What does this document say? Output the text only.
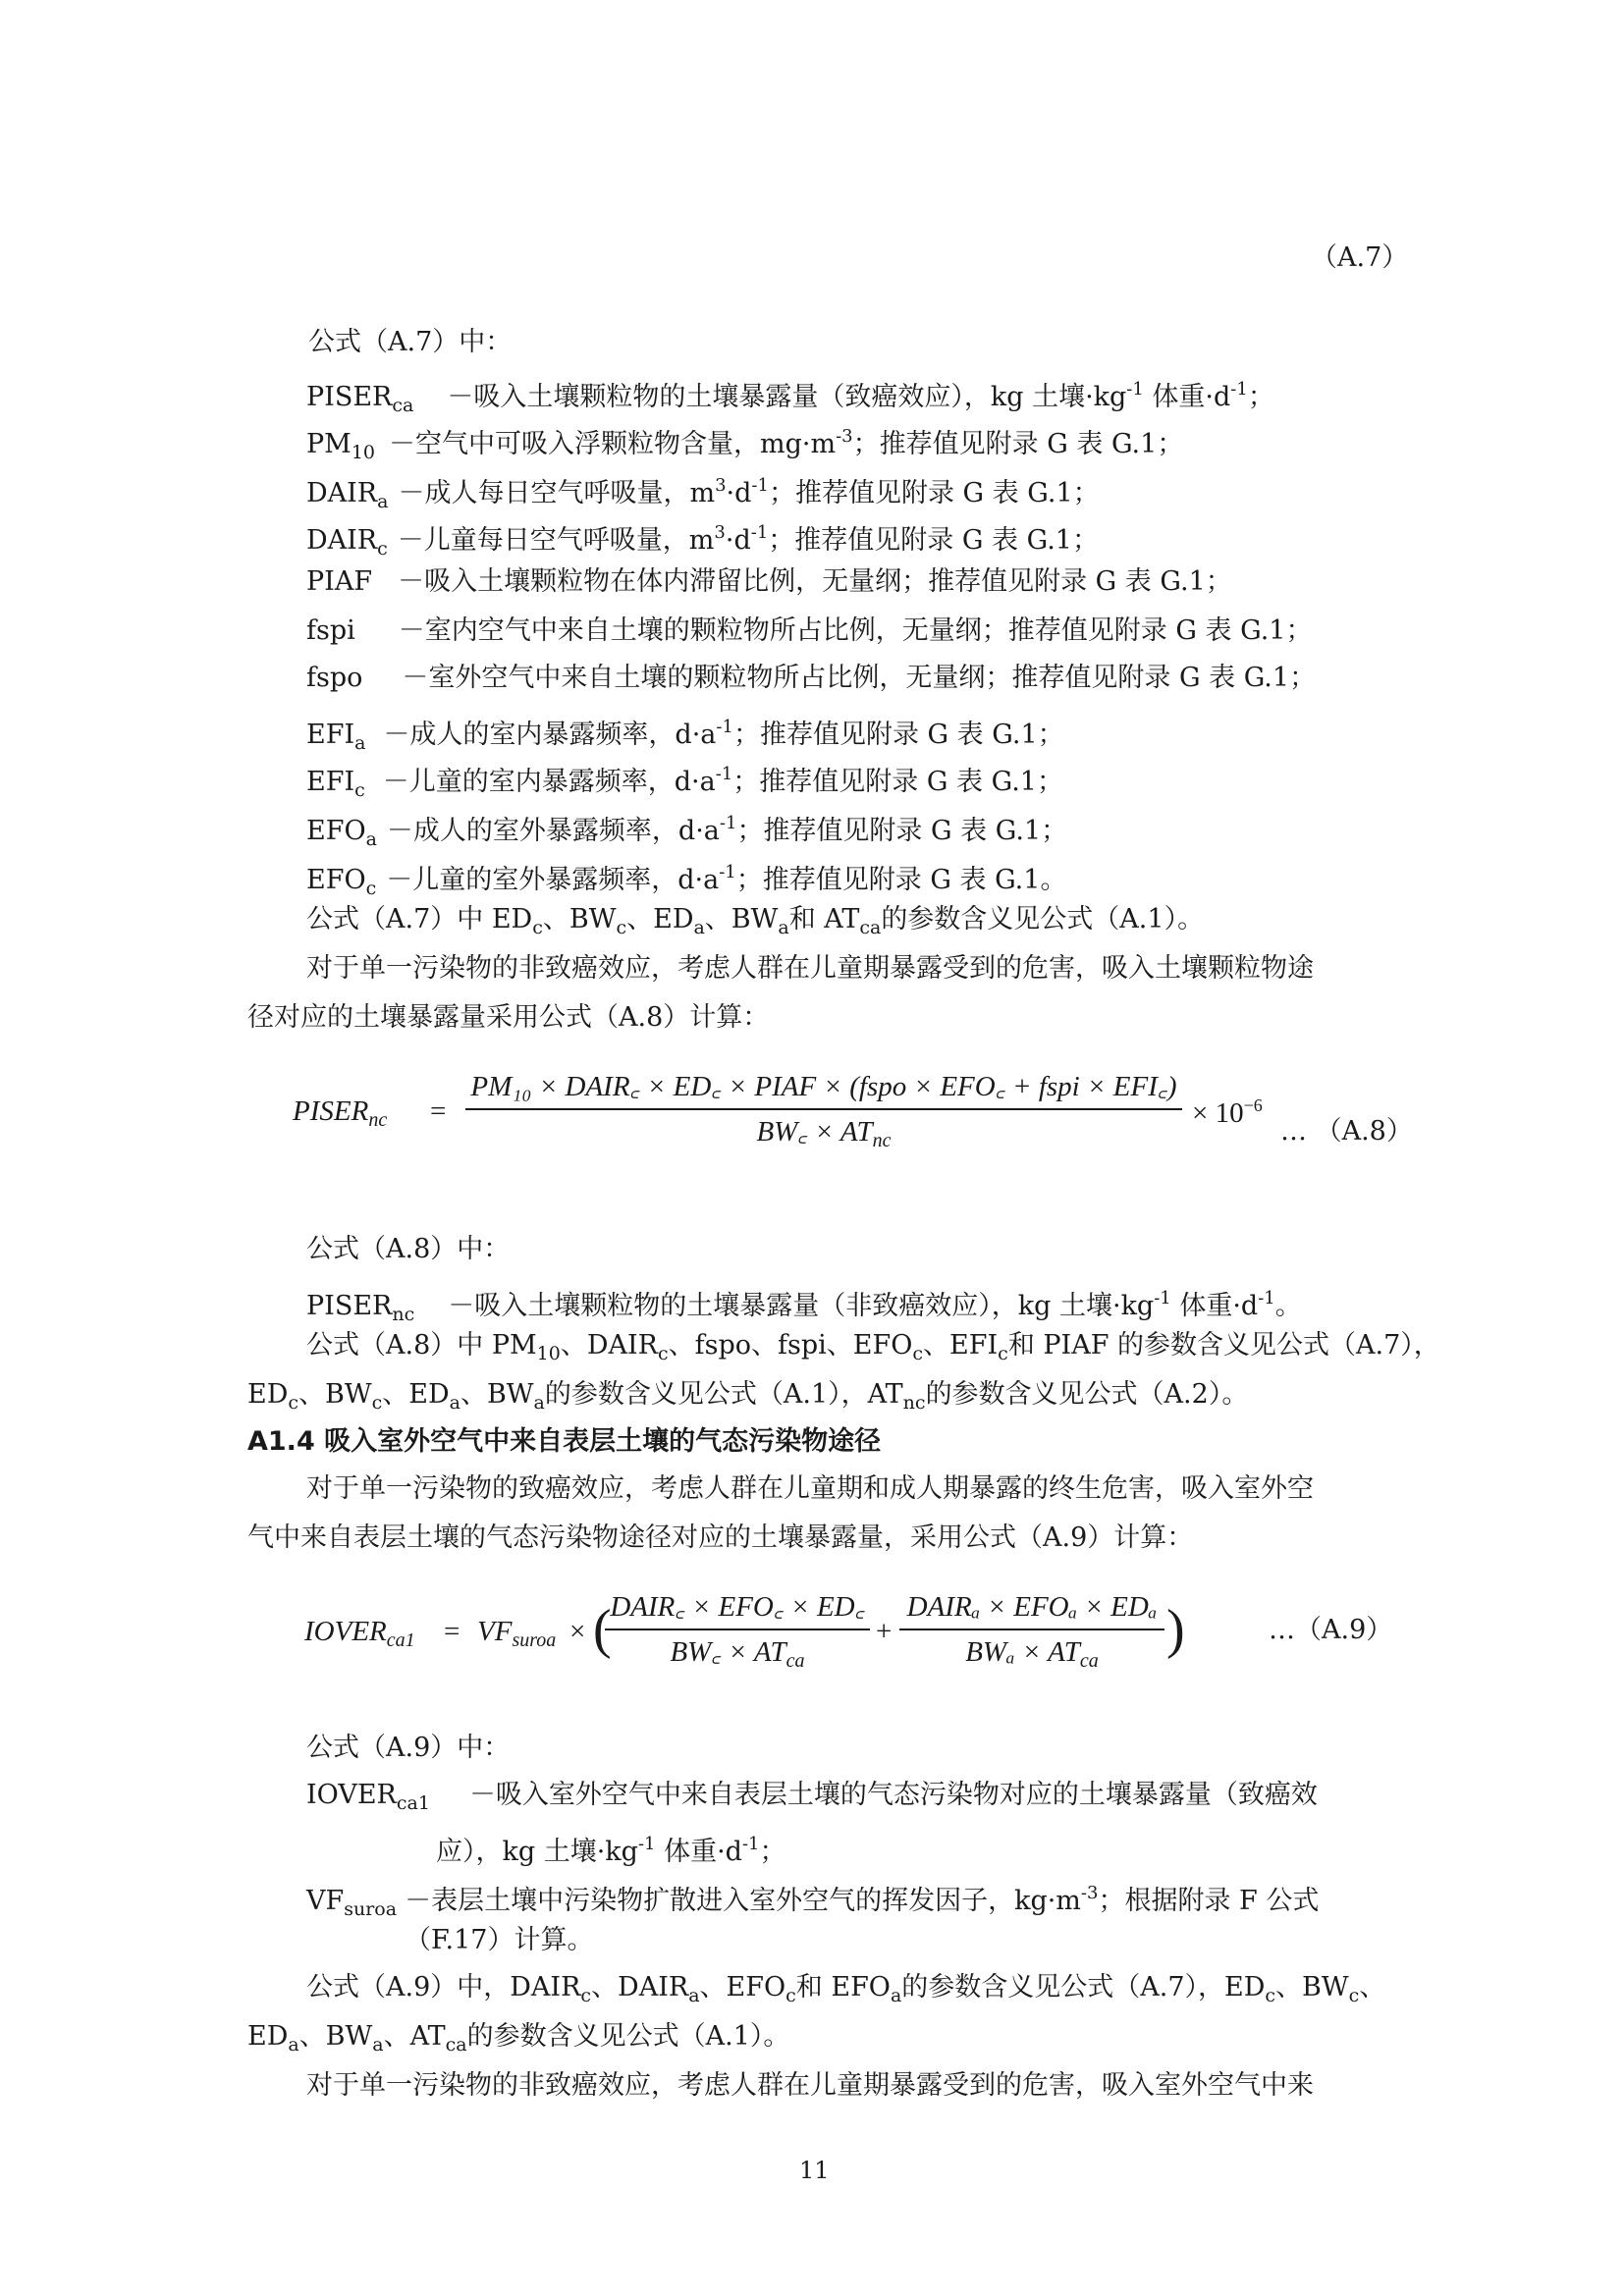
（A.7）
公式（A.7）中：
$PISER_{ca}$ －吸入土壤颗粒物的土壤暴露量（致癌效应），kg 土壤$\cdot kg^{-1}$ 体重$\cdot d^{-1}$；
$PM_{10}$ －空气中可吸入浮颗粒物含量，$mg\cdot m^{-3}$；推荐值见附录 G 表 G.1；
$DAIR_a$ －成人每日空气呼吸量，$m^3\cdot d^{-1}$；推荐值见附录 G 表 G.1；
$DAIR_c$ －儿童每日空气呼吸量，$m^3\cdot d^{-1}$；推荐值见附录 G 表 G.1；
PIAF －吸入土壤颗粒物在体内滞留比例，无量纲；推荐值见附录 G 表 G.1；
fspi －室内空气中来自土壤的颗粒物所占比例，无量纲；推荐值见附录 G 表 G.1；
fspo －室外空气中来自土壤的颗粒物所占比例，无量纲；推荐值见附录 G 表 G.1；
$EFI_a$ －成人的室内暴露频率，$d\cdot a^{-1}$；推荐值见附录 G 表 G.1；
$EFI_c$ －儿童的室内暴露频率，$d\cdot a^{-1}$；推荐值见附录 G 表 G.1；
$EFO_a$ －成人的室外暴露频率，$d\cdot a^{-1}$；推荐值见附录 G 表 G.1；
$EFO_c$ －儿童的室外暴露频率，$d\cdot a^{-1}$；推荐值见附录 G 表 G.1。
公式（A.7）中 $ED_c$、$BW_c$、$ED_a$、$BW_a$和 $AT_{ca}$的参数含义见公式（A.1）。
对于单一污染物的非致癌效应，考虑人群在儿童期暴露受到的危害，吸入土壤颗粒物途
径对应的土壤暴露量采用公式（A.8）计算：
$PISER_{nc}$ =
PM₁₀ × DAIR꜀ × ED꜀ × PIAF × (fspo × EFO꜀ + fspi × EFI꜀)
BW꜀ × $AT_{nc}$
× $10^{-6}$
… （A.8）
公式（A.8）中：
$PISER_{nc}$ －吸入土壤颗粒物的土壤暴露量（非致癌效应），kg 土壤$\cdot kg^{-1}$ 体重$\cdot d^{-1}$。
公式（A.8）中 $PM_{10}$、$DAIR_c$、fspo、fspi、$EFO_c$、$EFI_c$和 PIAF 的参数含义见公式（A.7），
$ED_c$、$BW_c$、$ED_a$、$BW_a$的参数含义见公式（A.1），$AT_{nc}$的参数含义见公式（A.2）。
A1.4 吸入室外空气中来自表层土壤的气态污染物途径
对于单一污染物的致癌效应，考虑人群在儿童期和成人期暴露的终生危害，吸入室外空
气中来自表层土壤的气态污染物途径对应的土壤暴露量，采用公式（A.9）计算：
$IOVER_{ca1} = VF_{suroa}$ × (
DAIR꜀ × EFO꜀ × ED꜀
BW꜀ × $AT_{ca}$
+
DAIRₐ × EFOₐ × EDₐ
$BW_a \times AT_{ca}$
)	…（A.9）
公式（A.9）中：
$IOVER_{ca1}$ －吸入室外空气中来自表层土壤的气态污染物对应的土壤暴露量（致癌效
应），kg 土壤$\cdot kg^{-1}$ 体重$\cdot d^{-1}$；
$VF_{suroa}$ －表层土壤中污染物扩散进入室外空气的挥发因子，$kg\cdot m^{-3}$；根据附录 F 公式
（F.17）计算。
公式（A.9）中，$DAIR_c$、$DAIR_a$、$EFO_c$和 $EFO_a$的参数含义见公式（A.7），$ED_c$、$BW_c$、
$ED_a$、$BW_a$、$AT_{ca}$的参数含义见公式（A.1）。
对于单一污染物的非致癌效应，考虑人群在儿童期暴露受到的危害，吸入室外空气中来
11
